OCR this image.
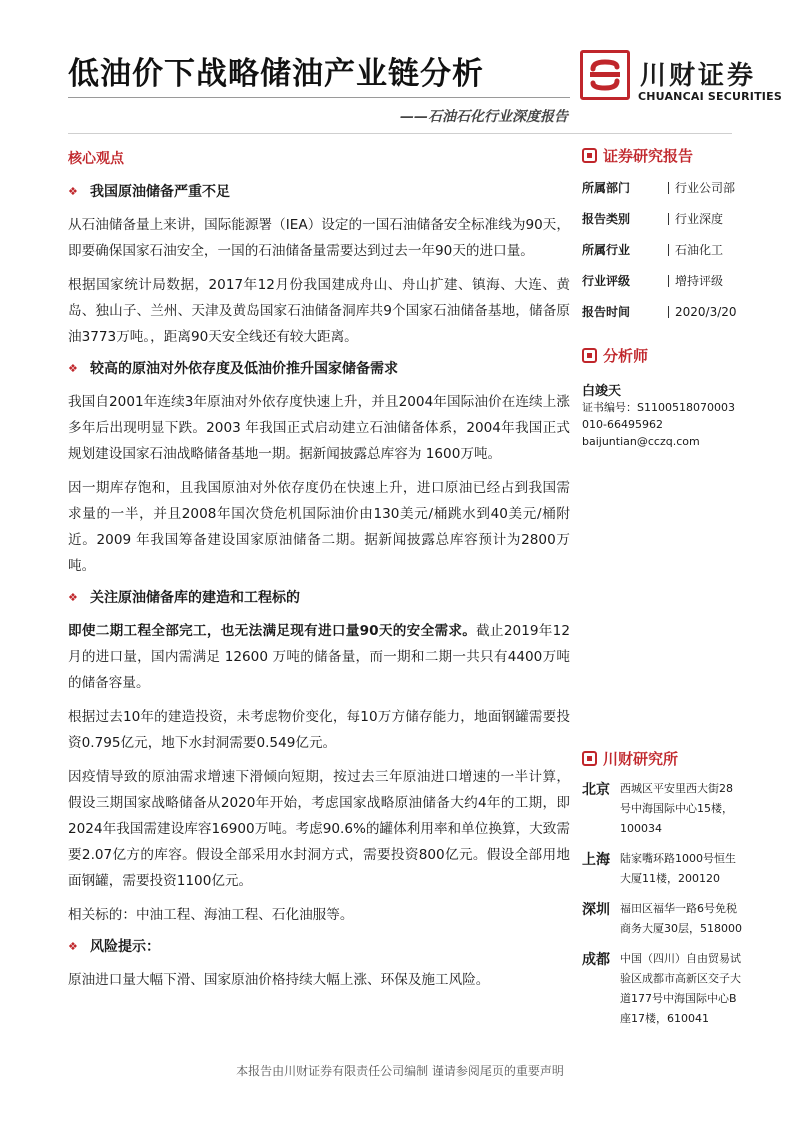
低油价下战略储油产业链分析
——石油石化行业深度报告
川财证券
CHUANCAI SECURITIES
核心观点
❖ 我国原油储备严重不足

从石油储备量上来讲，国际能源署（IEA）设定的一国石油储备安全标准线为90天，即要确保国家石油安全，一国的石油储备量需要达到过去一年90天的进口量。

根据国家统计局数据，2017年12月份我国建成舟山、舟山扩建、镇海、大连、黄岛、独山子、兰州、天津及黄岛国家石油储备洞库共9个国家石油储备基地，储备原油3773万吨。，距离90天安全线还有较大距离。

❖ 较高的原油对外依存度及低油价推升国家储备需求

我国自2001年连续3年原油对外依存度快速上升，并且2004年国际油价在连续上涨多年后出现明显下跌。2003 年我国正式启动建立石油储备体系，2004年我国正式规划建设国家石油战略储备基地一期。据新闻披露总库容为 1600万吨。

因一期库存饱和，且我国原油对外依存度仍在快速上升，进口原油已经占到我国需求量的一半，并且2008年国次贷危机国际油价由130美元/桶跳水到40美元/桶附近。2009 年我国筹备建设国家原油储备二期。据新闻披露总库容预计为2800万吨。

❖ 关注原油储备库的建造和工程标的

即使二期工程全部完工，也无法满足现有进口量90天的安全需求。截止2019年12月的进口量，国内需满足 12600 万吨的储备量，而一期和二期一共只有4400万吨的储备容量。

根据过去10年的建造投资，未考虑物价变化，每10万方储存能力，地面钢罐需要投资0.795亿元，地下水封洞需要0.549亿元。

因疫情导致的原油需求增速下滑倾向短期，按过去三年原油进口增速的一半计算，假设三期国家战略储备从2020年开始，考虑国家战略原油储备大约4年的工期，即2024年我国需建设库容16900万吨。考虑90.6%的罐体利用率和单位换算，大致需要2.07亿方的库容。假设全部采用水封洞方式，需要投资800亿元。假设全部用地面钢罐，需要投资1100亿元。

相关标的：中油工程、海油工程、石化油服等。

❖ 风险提示：

原油进口量大幅下滑、国家原油价格持续大幅上涨、环保及施工风险。

证券研究报告
所属部门	行业公司部
报告类别	行业深度
所属行业	石油化工
行业评级	增持评级
报告时间	2020/3/20
分析师
白竣天
证书编号：S1100518070003
010-66495962
baijuntian@cczq.com
川财研究所
北京 西城区平安里西大街28号中海国际中心15楼，100034
上海 陆家嘴环路1000号恒生大厦11楼，200120
深圳 福田区福华一路6号免税商务大厦30层，518000
成都 中国（四川）自由贸易试验区成都市高新区交子大道177号中海国际中心B座17楼，610041
本报告由川财证券有限责任公司编制 谨请参阅尾页的重要声明
